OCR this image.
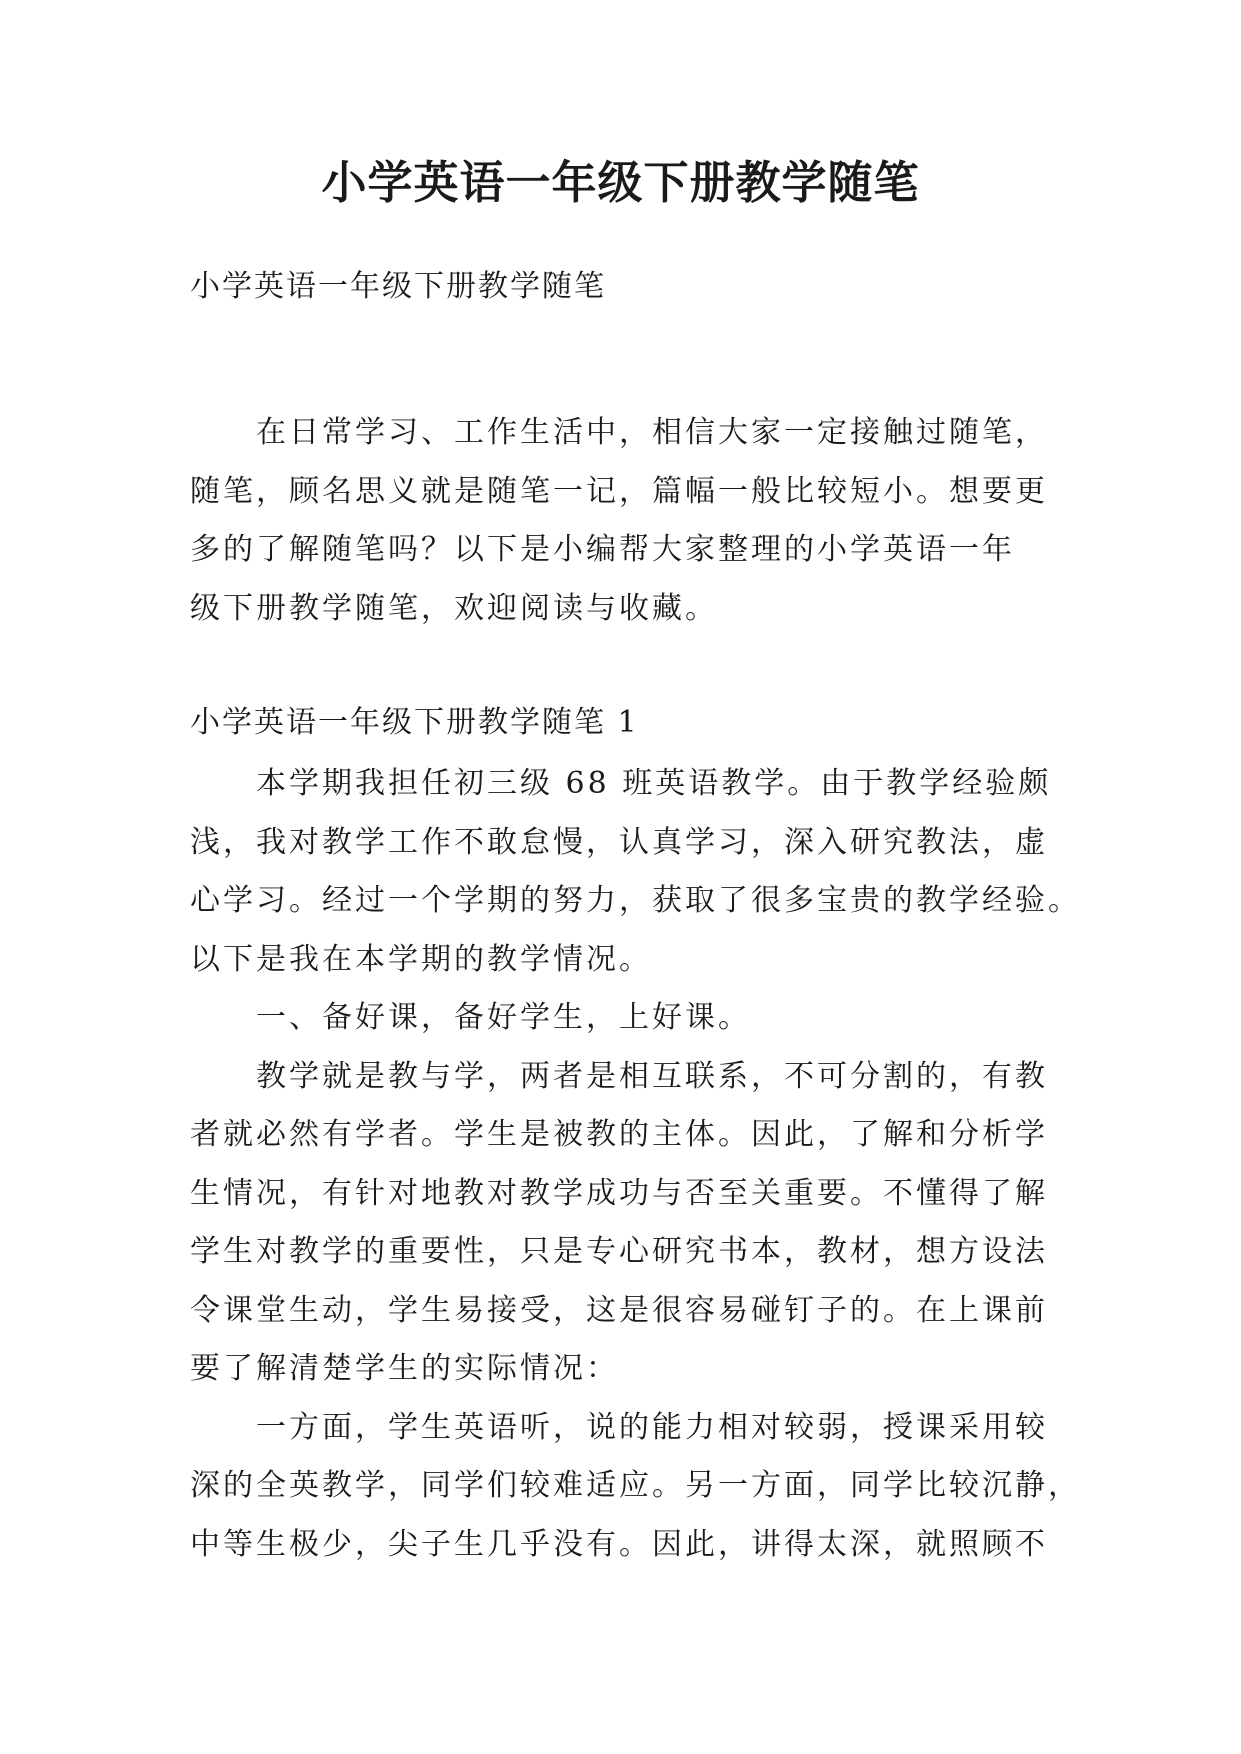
小学英语一年级下册教学随笔

小学英语一年级下册教学随笔

在日常学习、工作生活中，相信大家一定接触过随笔，

随笔，顾名思义就是随笔一记，篇幅一般比较短小。想要更

多的了解随笔吗？以下是小编帮大家整理的小学英语一年

级下册教学随笔，欢迎阅读与收藏。

小学英语一年级下册教学随笔 1

本学期我担任初三级 68 班英语教学。由于教学经验颇

浅，我对教学工作不敢怠慢，认真学习，深入研究教法，虚

心学习。经过一个学期的努力，获取了很多宝贵的教学经验。

以下是我在本学期的教学情况。

一、备好课，备好学生，上好课。

教学就是教与学，两者是相互联系，不可分割的，有教

者就必然有学者。学生是被教的主体。因此，了解和分析学

生情况，有针对地教对教学成功与否至关重要。不懂得了解

学生对教学的重要性，只是专心研究书本，教材，想方设法

令课堂生动，学生易接受，这是很容易碰钉子的。在上课前

要了解清楚学生的实际情况：

一方面，学生英语听，说的能力相对较弱，授课采用较

深的全英教学，同学们较难适应。另一方面，同学比较沉静，

中等生极少，尖子生几乎没有。因此，讲得太深，就照顾不
